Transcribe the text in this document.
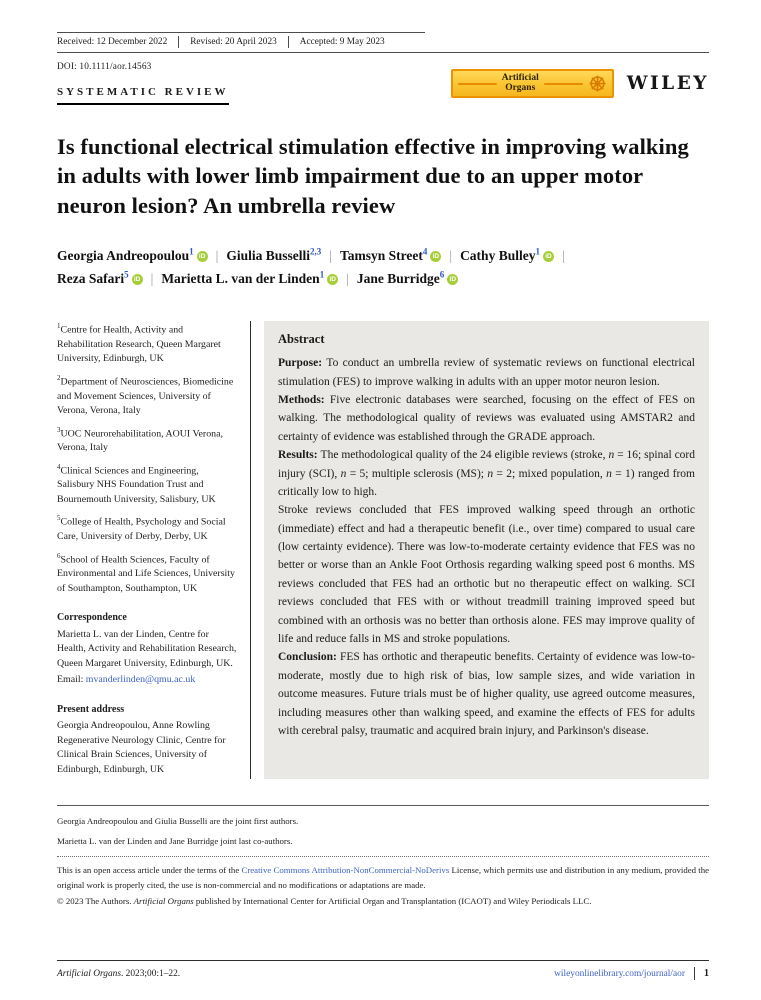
Received: 12 December 2022	Revised: 20 April 2023	Accepted: 9 May 2023
DOI: 10.1111/aor.14563
SYSTEMATIC REVIEW
Artificial
Organs	WILEY
Is functional electrical stimulation effective in improving walking in adults with lower limb impairment due to an upper motor neuron lesion? An umbrella review
Georgia Andreopoulou$^1$ iD | Giulia Busselli$^{2,3}$ | Tamsyn Street$^4$ iD | Cathy Bulley$^1$ iD |
Reza Safari$^5$ iD | Marietta L. van der Linden$^1$ iD | Jane Burridge$^6$ iD

$^1$Centre for Health, Activity and Rehabilitation Research, Queen Margaret University, Edinburgh, UK

$^2$Department of Neurosciences, Biomedicine and Movement Sciences, University of Verona, Verona, Italy

$^3$UOC Neurorehabilitation, AOUI Verona, Verona, Italy

$^4$Clinical Sciences and Engineering, Salisbury NHS Foundation Trust and Bournemouth University, Salisbury, UK

$^5$College of Health, Psychology and Social Care, University of Derby, Derby, UK

$^6$School of Health Sciences, Faculty of Environmental and Life Sciences, University of Southampton, Southampton, UK

Correspondence
Marietta L. van der Linden, Centre for Health, Activity and Rehabilitation Research, Queen Margaret University, Edinburgh, UK.
Email: mvanderlinden@qmu.ac.uk
Present address
Georgia Andreopoulou, Anne Rowling Regenerative Neurology Clinic, Centre for Clinical Brain Sciences, University of Edinburgh, Edinburgh, UK
Abstract

Purpose: To conduct an umbrella review of systematic reviews on functional electrical stimulation (FES) to improve walking in adults with an upper motor neuron lesion.

Methods: Five electronic databases were searched, focusing on the effect of FES on walking. The methodological quality of reviews was evaluated using AMSTAR2 and certainty of evidence was established through the GRADE approach.

Results: The methodological quality of the 24 eligible reviews (stroke, n = 16; spinal cord injury (SCI), n = 5; multiple sclerosis (MS); n = 2; mixed population, n = 1) ranged from critically low to high.

Stroke reviews concluded that FES improved walking speed through an orthotic (immediate) effect and had a therapeutic benefit (i.e., over time) compared to usual care (low certainty evidence). There was low-to-moderate certainty evidence that FES was no better or worse than an Ankle Foot Orthosis regarding walking speed post 6 months. MS reviews concluded that FES had an orthotic but no therapeutic effect on walking. SCI reviews concluded that FES with or without treadmill training improved speed but combined with an orthosis was no better than orthosis alone. FES may improve quality of life and reduce falls in MS and stroke populations.

Conclusion: FES has orthotic and therapeutic benefits. Certainty of evidence was low-to-moderate, mostly due to high risk of bias, low sample sizes, and wide variation in outcome measures. Future trials must be of higher quality, use agreed outcome measures, including measures other than walking speed, and examine the effects of FES for adults with cerebral palsy, traumatic and acquired brain injury, and Parkinson's disease.

Georgia Andreopoulou and Giulia Busselli are the joint first authors.
Marietta L. van der Linden and Jane Burridge joint last co-authors.
This is an open access article under the terms of the Creative Commons Attribution-NonCommercial-NoDerivs License, which permits use and distribution in any medium, provided the original work is properly cited, the use is non-commercial and no modifications or adaptations are made.
© 2023 The Authors. Artificial Organs published by International Center for Artificial Organ and Transplantation (ICAOT) and Wiley Periodicals LLC.
Artificial Organs. 2023;00:1–22.	wileyonlinelibrary.com/journal/aor 1
